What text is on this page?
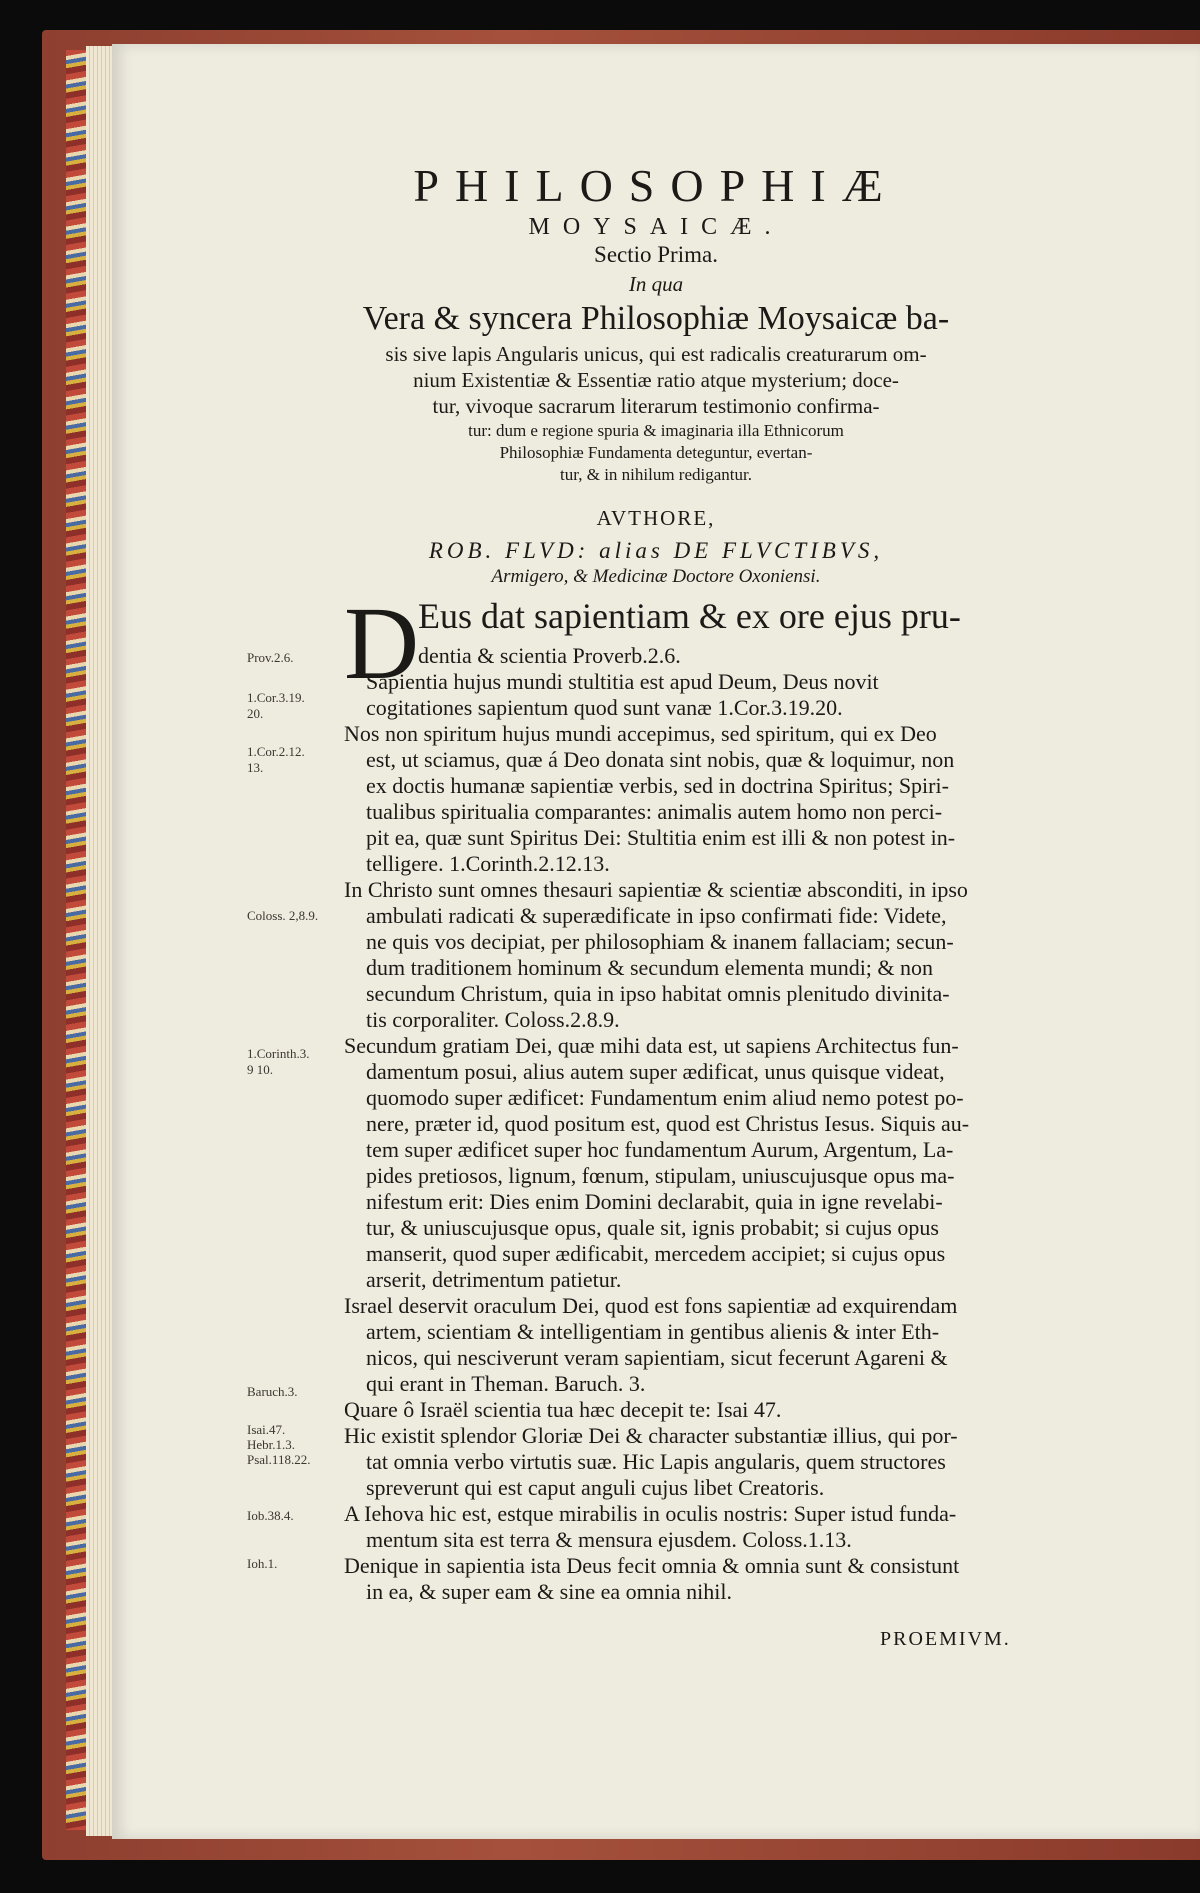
PHILOSOPHIÆ
MOYSAICÆ.
Sectio Prima.
In qua
Vera & syncera Philosophiæ Moysaicæ ba-
sis sive lapis Angularis unicus, qui est radicalis creaturarum om-
nium Existentiæ & Essentiæ ratio atque mysterium; doce-
tur, vivoque sacrarum literarum testimonio confirma-
tur: dum e regione spuria & imaginaria illa Ethnicorum
Philosophiæ Fundamenta deteguntur, evertan-
tur, & in nihilum redigantur.
AVTHORE,
ROB. FLVD: alias DE FLVCTIBVS,
Armigero, & Medicinæ Doctore Oxoniensi.
D
Eus dat sapientiam & ex ore ejus pru-
dentia & scientia Proverb.2.6.
Sapientia hujus mundi stultitia est apud Deum, Deus novit
cogitationes sapientum quod sunt vanæ 1.Cor.3.19.20.
Nos non spiritum hujus mundi accepimus, sed spiritum, qui ex Deo
est, ut sciamus, quæ á Deo donata sint nobis, quæ & loquimur, non
ex doctis humanæ sapientiæ verbis, sed in doctrina Spiritus; Spiri-
tualibus spiritualia comparantes: animalis autem homo non perci-
pit ea, quæ sunt Spiritus Dei: Stultitia enim est illi & non potest in-
telligere. 1.Corinth.2.12.13.
In Christo sunt omnes thesauri sapientiæ & scientiæ absconditi, in ipso
ambulati radicati & superædificate in ipso confirmati fide: Videte,
ne quis vos decipiat, per philosophiam & inanem fallaciam; secun-
dum traditionem hominum & secundum elementa mundi; & non
secundum Christum, quia in ipso habitat omnis plenitudo divinita-
tis corporaliter. Coloss.2.8.9.
Secundum gratiam Dei, quæ mihi data est, ut sapiens Architectus fun-
damentum posui, alius autem super ædificat, unus quisque videat,
quomodo super ædificet: Fundamentum enim aliud nemo potest po-
nere, præter id, quod positum est, quod est Christus Iesus. Siquis au-
tem super ædificet super hoc fundamentum Aurum, Argentum, La-
pides pretiosos, lignum, fœnum, stipulam, uniuscujusque opus ma-
nifestum erit: Dies enim Domini declarabit, quia in igne revelabi-
tur, & uniuscujusque opus, quale sit, ignis probabit; si cujus opus
manserit, quod super ædificabit, mercedem accipiet; si cujus opus
arserit, detrimentum patietur.
Israel deservit oraculum Dei, quod est fons sapientiæ ad exquirendam
artem, scientiam & intelligentiam in gentibus alienis & inter Eth-
nicos, qui nesciverunt veram sapientiam, sicut fecerunt Agareni &
qui erant in Theman. Baruch. 3.
Quare ô Israël scientia tua hæc decepit te: Isai 47.
Hic existit splendor Gloriæ Dei & character substantiæ illius, qui por-
tat omnia verbo virtutis suæ. Hic Lapis angularis, quem structores
spreverunt qui est caput anguli cujus libet Creatoris.
A Iehova hic est, estque mirabilis in oculis nostris: Super istud funda-
mentum sita est terra & mensura ejusdem. Coloss.1.13.
Denique in sapientia ista Deus fecit omnia & omnia sunt & consistunt
in ea, & super eam & sine ea omnia nihil.
Prov.2.6.
1.Cor.3.19.
20.
1.Cor.2.12.
13.
Coloss. 2,8.9.
1.Corinth.3.
9 10.
Baruch.3.
Isai.47.
Hebr.1.3.
Psal.118.22.
Iob.38.4.
Ioh.1.
PROEMIVM.
